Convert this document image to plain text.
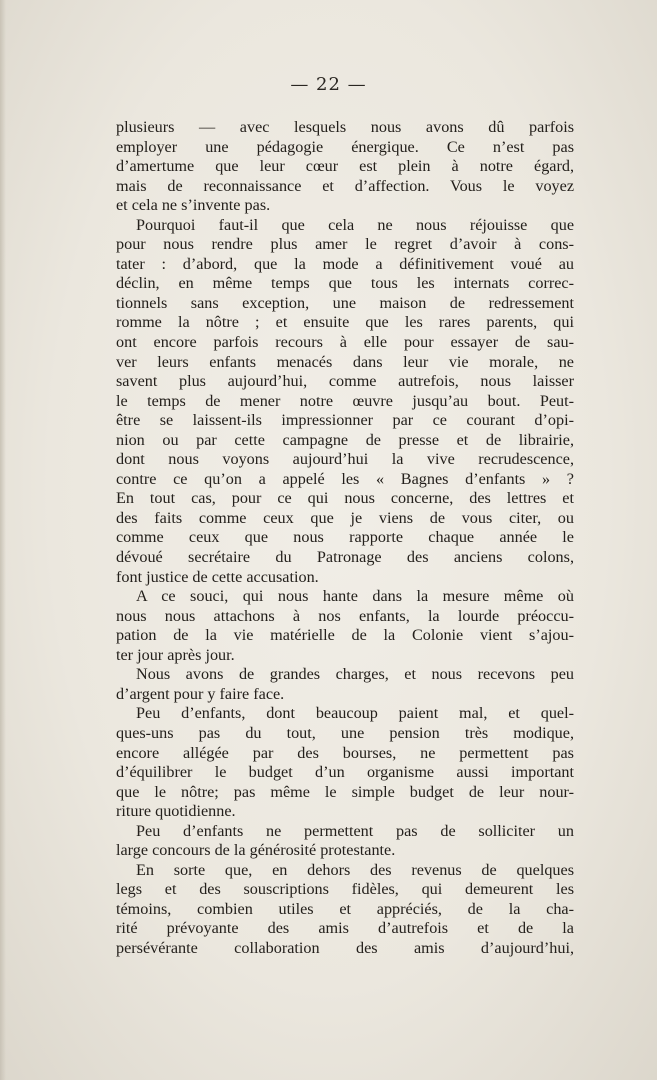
— 22 —
plusieurs — avec lesquels nous avons dû parfois
employer une pédagogie énergique. Ce n’est pas
d’amertume que leur cœur est plein à notre égard,
mais de reconnaissance et d’affection. Vous le voyez
et cela ne s’invente pas.
Pourquoi faut-il que cela ne nous réjouisse que
pour nous rendre plus amer le regret d’avoir à cons-
tater : d’abord, que la mode a définitivement voué au
déclin, en même temps que tous les internats correc-
tionnels sans exception, une maison de redressement
romme la nôtre ; et ensuite que les rares parents, qui
ont encore parfois recours à elle pour essayer de sau-
ver leurs enfants menacés dans leur vie morale, ne
savent plus aujourd’hui, comme autrefois, nous laisser
le temps de mener notre œuvre jusqu’au bout. Peut-
être se laissent-ils impressionner par ce courant d’opi-
nion ou par cette campagne de presse et de librairie,
dont nous voyons aujourd’hui la vive recrudescence,
contre ce qu’on a appelé les « Bagnes d’enfants » ?
En tout cas, pour ce qui nous concerne, des lettres et
des faits comme ceux que je viens de vous citer, ou
comme ceux que nous rapporte chaque année le
dévoué secrétaire du Patronage des anciens colons,
font justice de cette accusation.
A ce souci, qui nous hante dans la mesure même où
nous nous attachons à nos enfants, la lourde préoccu-
pation de la vie matérielle de la Colonie vient s’ajou-
ter jour après jour.
Nous avons de grandes charges, et nous recevons peu
d’argent pour y faire face.
Peu d’enfants, dont beaucoup paient mal, et quel-
ques-uns pas du tout, une pension très modique,
encore allégée par des bourses, ne permettent pas
d’équilibrer le budget d’un organisme aussi important
que le nôtre; pas même le simple budget de leur nour-
riture quotidienne.
Peu d’enfants ne permettent pas de solliciter un
large concours de la générosité protestante.
En sorte que, en dehors des revenus de quelques
legs et des souscriptions fidèles, qui demeurent les
témoins, combien utiles et appréciés, de la cha-
rité prévoyante des amis d’autrefois et de la
persévérante collaboration des amis d’aujourd’hui,
